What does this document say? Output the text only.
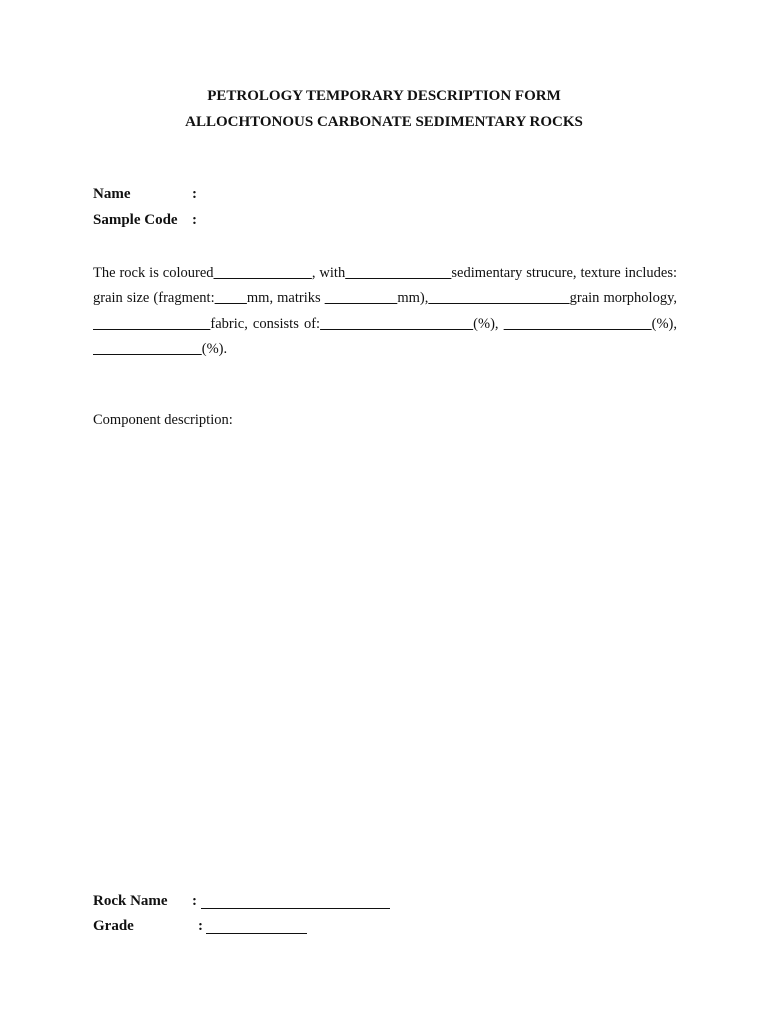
PETROLOGY TEMPORARY DESCRIPTION FORM
ALLOCHTONOUS CARBONATE SEDIMENTARY ROCKS
Name	:
Sample Code :
The rock is coloured	, with	sedimentary strucure, texture includes: grain size (fragment: mm, matriks	mm),	grain morphology,                        fabric, consists of:	(%),	(%),                               (%).
Component description:
Rock Name :
Grade	:
